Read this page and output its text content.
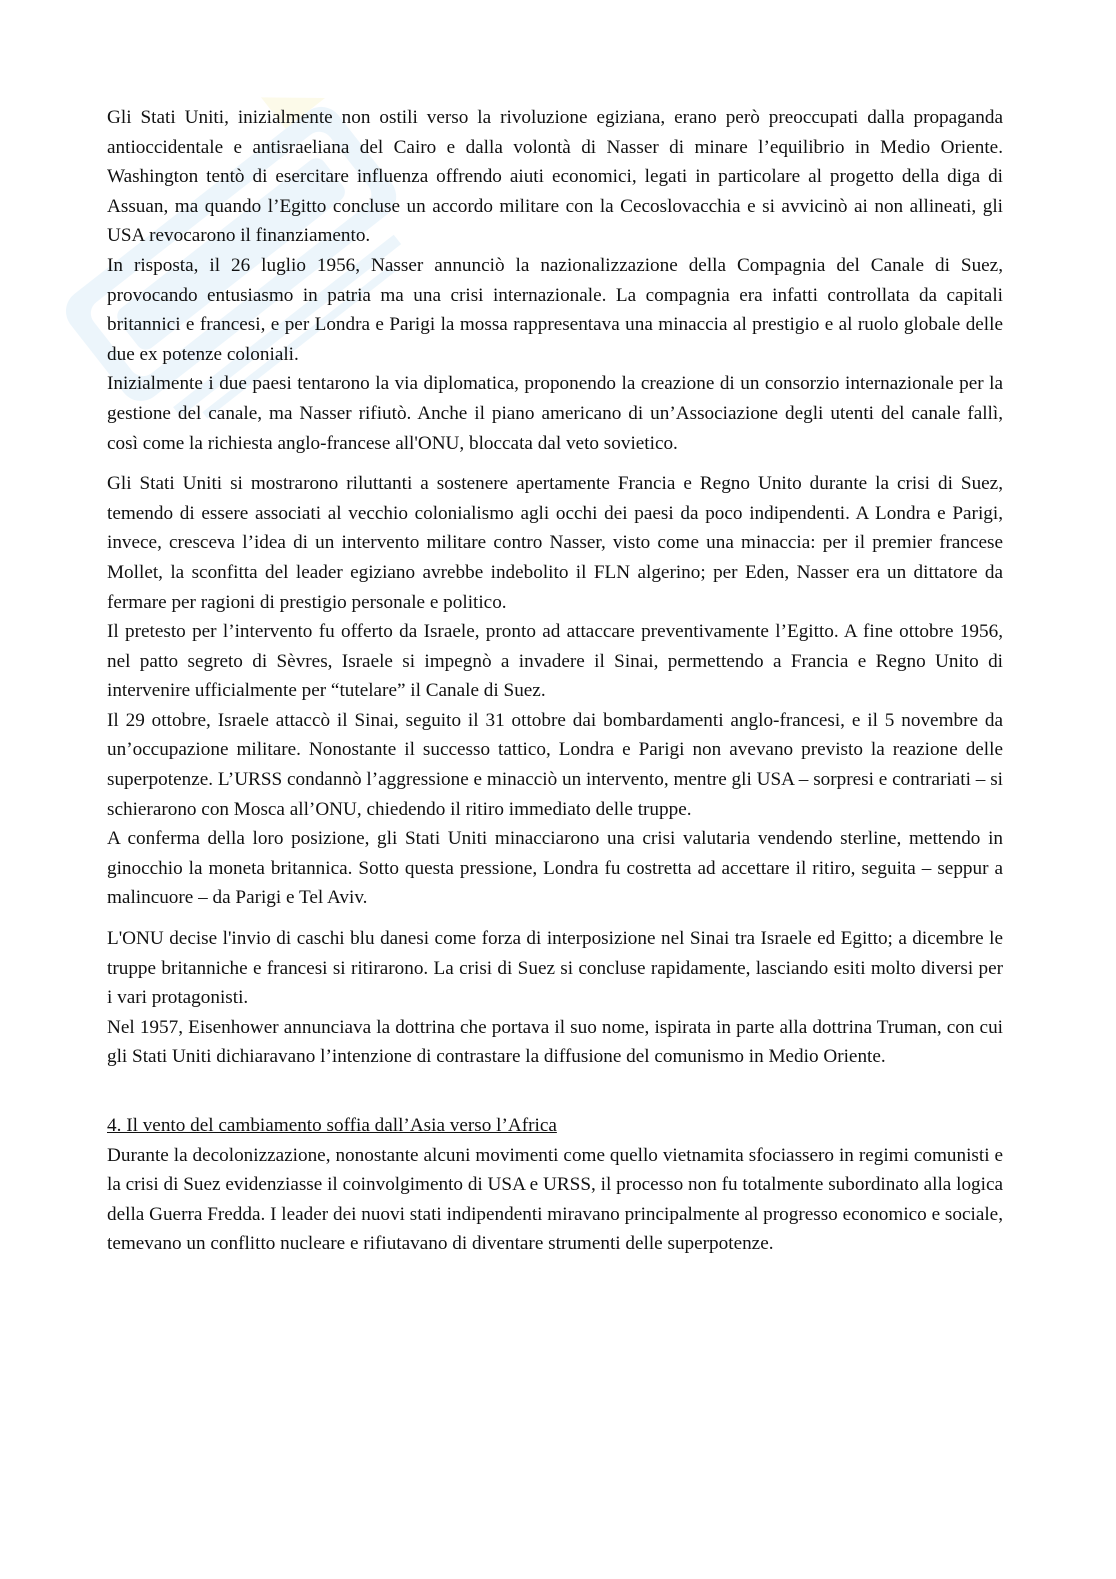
Gli Stati Uniti, inizialmente non ostili verso la rivoluzione egiziana, erano però preoccupati dalla propaganda antioccidentale e antisraeliana del Cairo e dalla volontà di Nasser di minare l’equilibrio in Medio Oriente. Washington tentò di esercitare influenza offrendo aiuti economici, legati in particolare al progetto della diga di Assuan, ma quando l’Egitto concluse un accordo militare con la Cecoslovacchia e si avvicinò ai non allineati, gli USA revocarono il finanziamento.

In risposta, il 26 luglio 1956, Nasser annunciò la nazionalizzazione della Compagnia del Canale di Suez, provocando entusiasmo in patria ma una crisi internazionale. La compagnia era infatti controllata da capitali britannici e francesi, e per Londra e Parigi la mossa rappresentava una minaccia al prestigio e al ruolo globale delle due ex potenze coloniali.

Inizialmente i due paesi tentarono la via diplomatica, proponendo la creazione di un consorzio internazionale per la gestione del canale, ma Nasser rifiutò. Anche il piano americano di un’Associazione degli utenti del canale fallì, così come la richiesta anglo-francese all'ONU, bloccata dal veto sovietico.

Gli Stati Uniti si mostrarono riluttanti a sostenere apertamente Francia e Regno Unito durante la crisi di Suez, temendo di essere associati al vecchio colonialismo agli occhi dei paesi da poco indipendenti. A Londra e Parigi, invece, cresceva l’idea di un intervento militare contro Nasser, visto come una minaccia: per il premier francese Mollet, la sconfitta del leader egiziano avrebbe indebolito il FLN algerino; per Eden, Nasser era un dittatore da fermare per ragioni di prestigio personale e politico.

Il pretesto per l’intervento fu offerto da Israele, pronto ad attaccare preventivamente l’Egitto. A fine ottobre 1956, nel patto segreto di Sèvres, Israele si impegnò a invadere il Sinai, permettendo a Francia e Regno Unito di intervenire ufficialmente per “tutelare” il Canale di Suez.

Il 29 ottobre, Israele attaccò il Sinai, seguito il 31 ottobre dai bombardamenti anglo-francesi, e il 5 novembre da un’occupazione militare. Nonostante il successo tattico, Londra e Parigi non avevano previsto la reazione delle superpotenze. L’URSS condannò l’aggressione e minacciò un intervento, mentre gli USA – sorpresi e contrariati – si schierarono con Mosca all’ONU, chiedendo il ritiro immediato delle truppe.

A conferma della loro posizione, gli Stati Uniti minacciarono una crisi valutaria vendendo sterline, mettendo in ginocchio la moneta britannica. Sotto questa pressione, Londra fu costretta ad accettare il ritiro, seguita – seppur a malincuore – da Parigi e Tel Aviv.

L'ONU decise l'invio di caschi blu danesi come forza di interposizione nel Sinai tra Israele ed Egitto; a dicembre le truppe britanniche e francesi si ritirarono. La crisi di Suez si concluse rapidamente, lasciando esiti molto diversi per i vari protagonisti.

Nel 1957, Eisenhower annunciava la dottrina che portava il suo nome, ispirata in parte alla dottrina Truman, con cui gli Stati Uniti dichiaravano l’intenzione di contrastare la diffusione del comunismo in Medio Oriente.

4. Il vento del cambiamento soffia dall’Asia verso l’Africa

Durante la decolonizzazione, nonostante alcuni movimenti come quello vietnamita sfociassero in regimi comunisti e la crisi di Suez evidenziasse il coinvolgimento di USA e URSS, il processo non fu totalmente subordinato alla logica della Guerra Fredda. I leader dei nuovi stati indipendenti miravano principalmente al progresso economico e sociale, temevano un conflitto nucleare e rifiutavano di diventare strumenti delle superpotenze.
